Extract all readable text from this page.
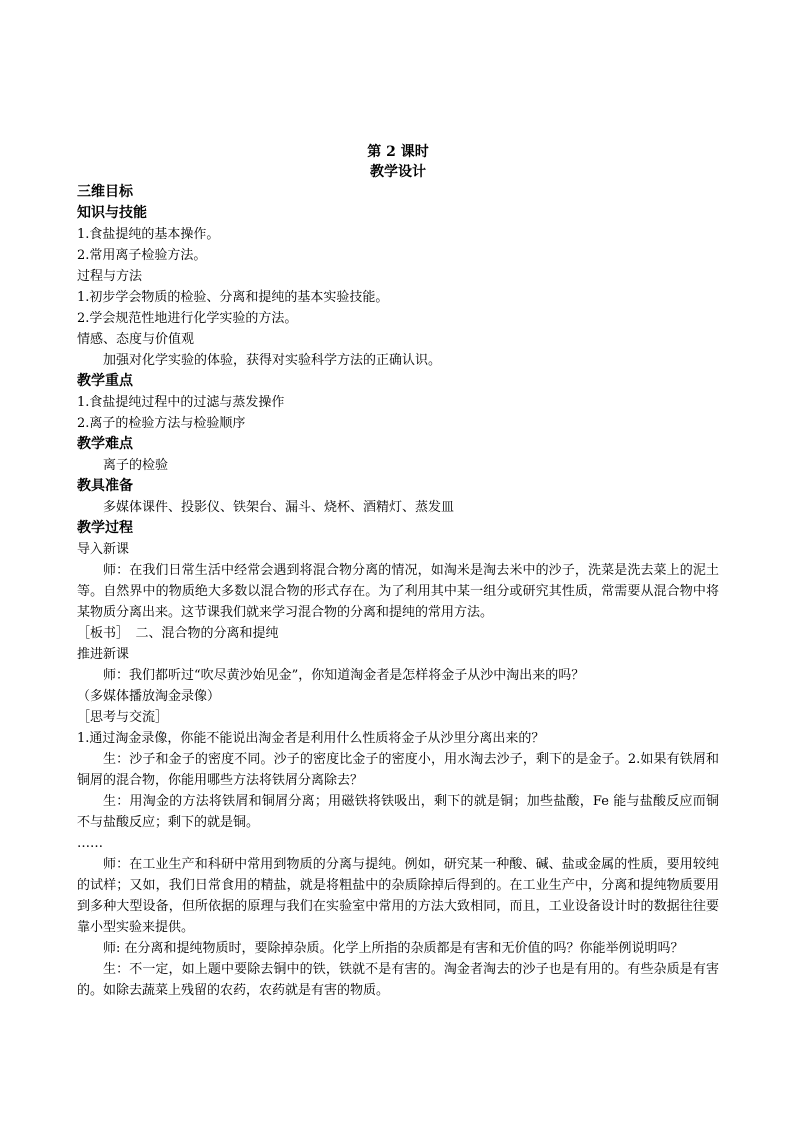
第 2 课时

教学设计

三维目标

知识与技能

1.食盐提纯的基本操作。

2.常用离子检验方法。

过程与方法

1.初步学会物质的检验、分离和提纯的基本实验技能。

2.学会规范性地进行化学实验的方法。

情感、态度与价值观

加强对化学实验的体验，获得对实验科学方法的正确认识。

教学重点

1.食盐提纯过程中的过滤与蒸发操作

2.离子的检验方法与检验顺序

教学难点

离子的检验

教具准备

多媒体课件、投影仪、铁架台、漏斗、烧杯、酒精灯、蒸发皿

教学过程

导入新课

师：在我们日常生活中经常会遇到将混合物分离的情况，如淘米是淘去米中的沙子，洗菜是洗去菜上的泥土等。自然界中的物质绝大多数以混合物的形式存在。为了利用其中某一组分或研究其性质，常需要从混合物中将某物质分离出来。这节课我们就来学习混合物的分离和提纯的常用方法。

［板书］　二、混合物的分离和提纯

推进新课

师：我们都听过“吹尽黄沙始见金”，你知道淘金者是怎样将金子从沙中淘出来的吗？

（多媒体播放淘金录像）

［思考与交流］

1.通过淘金录像，你能不能说出淘金者是利用什么性质将金子从沙里分离出来的？

生：沙子和金子的密度不同。沙子的密度比金子的密度小，用水淘去沙子，剩下的是金子。2.如果有铁屑和铜屑的混合物，你能用哪些方法将铁屑分离除去？

生：用淘金的方法将铁屑和铜屑分离；用磁铁将铁吸出，剩下的就是铜；加些盐酸，Fe 能与盐酸反应而铜不与盐酸反应；剩下的就是铜。

……

师：在工业生产和科研中常用到物质的分离与提纯。例如，研究某一种酸、碱、盐或金属的性质，要用较纯的试样；又如，我们日常食用的精盐，就是将粗盐中的杂质除掉后得到的。在工业生产中，分离和提纯物质要用到多种大型设备，但所依据的原理与我们在实验室中常用的方法大致相同，而且，工业设备设计时的数据往往要靠小型实验来提供。

师: 在分离和提纯物质时，要除掉杂质。化学上所指的杂质都是有害和无价值的吗？你能举例说明吗？

生：不一定，如上题中要除去铜中的铁，铁就不是有害的。淘金者淘去的沙子也是有用的。有些杂质是有害的。如除去蔬菜上残留的农药，农药就是有害的物质。
